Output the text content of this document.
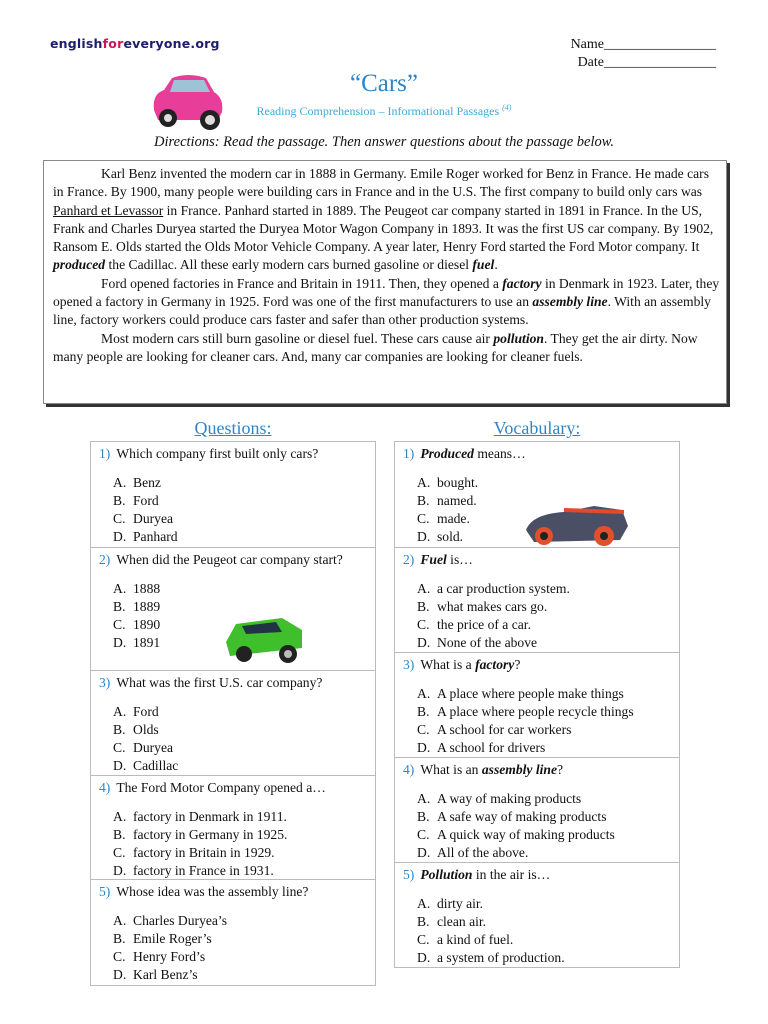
englishforeveryone.org	Name________________
Date________________
“Cars”
Reading Comprehension – Informational Passages $^{(4)}$
Directions: Read the passage. Then answer questions about the passage below.

Karl Benz invented the modern car in 1888 in Germany. Emile Roger worked for Benz in France. He made cars in France. By 1900, many people were building cars in France and in the U.S. The first company to build only cars was Panhard et Levassor in France. Panhard started in 1889. The Peugeot car company started in 1891 in France. In the US, Frank and Charles Duryea started the Duryea Motor Wagon Company in 1893. It was the first US car company. By 1902, Ransom E. Olds started the Olds Motor Vehicle Company. A year later, Henry Ford started the Ford Motor company. It produced the Cadillac. All these early modern cars burned gasoline or diesel fuel.

Ford opened factories in France and Britain in 1911. Then, they opened a factory in Denmark in 1923. Later, they opened a factory in Germany in 1925. Ford was one of the first manufacturers to use an assembly line. With an assembly line, factory workers could produce cars faster and safer than other production systems.

Most modern cars still burn gasoline or diesel fuel. These cars cause air pollution. They get the air dirty. Now many people are looking for cleaner cars. And, many car companies are looking for cleaner fuels.

Questions:	Vocabulary:
1) Which company first built only cars?
A. Benz
B. Ford
C. Duryea
D. Panhard
2) When did the Peugeot car company start?
A. 1888
B. 1889
C. 1890
D. 1891
3) What was the first U.S. car company?
A. Ford
B. Olds
C. Duryea
D. Cadillac
4) The Ford Motor Company opened a…
A. factory in Denmark in 1911.
B. factory in Germany in 1925.
C. factory in Britain in 1929.
D. factory in France in 1931.
5) Whose idea was the assembly line?
A. Charles Duryea’s
B. Emile Roger’s
C. Henry Ford’s
D. Karl Benz’s
1) Produced means…
A. bought.
B. named.
C. made.
D. sold.
2) Fuel is…
A. a car production system.
B. what makes cars go.
C. the price of a car.
D. None of the above
3) What is a factory?
A. A place where people make things
B. A place where people recycle things
C. A school for car workers
D. A school for drivers
4) What is an assembly line?
A. A way of making products
B. A safe way of making products
C. A quick way of making products
D. All of the above.
5) Pollution in the air is…
A. dirty air.
B. clean air.
C. a kind of fuel.
D. a system of production.
